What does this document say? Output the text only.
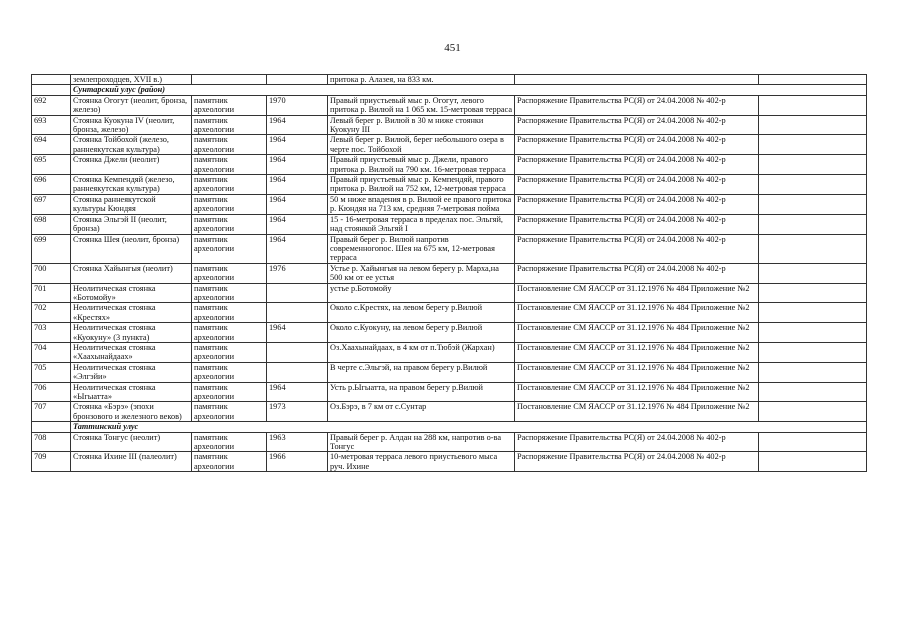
451
	землепроходцев, XVII в.)			притока р. Алазея, на 833 км.		
	Сунтарский улус (район)					
692	Стоянка Огогут (неолит, бронза, железо)	памятник археологии	1970	Правый приустьевый мыс р. Огогут, левого притока р. Вилюй на 1 065 км. 15-метровая терраса	Распоряжение Правительства РС(Я) от 24.04.2008 № 402-р	
693	Стоянка Куокуна IV (неолит, бронза, железо)	памятник археологии	1964	Левый берег р. Вилюй в 30 м ниже стоянки Куокуну III	Распоряжение Правительства РС(Я) от 24.04.2008 № 402-р	
694	Стоянка Тойбохой (железо, раннеякутская культура)	памятник археологии	1964	Левый берег р. Вилюй, берег небольшого озера в черте пос. Тойбохой	Распоряжение Правительства РС(Я) от 24.04.2008 № 402-р	
695	Стоянка Джели (неолит)	памятник археологии	1964	Правый приустьевый мыс р. Джели, правого притока р. Вилюй на 790 км. 16-метровая терраса	Распоряжение Правительства РС(Я) от 24.04.2008 № 402-р	
696	Стоянка Кемпендяй (железо, раннеякутская культура)	памятник археологии	1964	Правый приустьевый мыс р. Кемпендяй, правого притока р. Вилюй на 752 км, 12-метровая терраса	Распоряжение Правительства РС(Я) от 24.04.2008 № 402-р	
697	Стоянка раннеякутской культуры Кюндяя	памятник археологии	1964	50 м ниже впадения в р. Вилюй ее правого притока р. Кюндяя на 713 км, средняя 7-метровая пойма	Распоряжение Правительства РС(Я) от 24.04.2008 № 402-р	
698	Стоянка Эльгэй II (неолит, бронза)	памятник археологии	1964	15 - 16-метровая терраса в пределах пос. Эльгяй, над стоянкой Эльгяй I	Распоряжение Правительства РС(Я) от 24.04.2008 № 402-р	
699	Стоянка Шея (неолит, бронза)	памятник археологии	1964	Правый берег р. Вилюй напротив современногопос. Шея на 675 км, 12-метровая терраса	Распоряжение Правительства РС(Я) от 24.04.2008 № 402-р	
700	Стоянка Хайынгыя (неолит)	памятник археологии	1976	Устье р. Хайынгыя на левом берегу р. Марха,на 500 км от ее устья	Распоряжение Правительства РС(Я) от 24.04.2008 № 402-р	
701	Неолитическая стоянка «Ботомойу»	памятник археологии		устье р.Ботомойу	Постановление СМ ЯАССР от 31.12.1976 № 484 Приложение №2	
702	Неолитическая стоянка «Крестях»	памятник археологии		Около с.Крестях, на левом берегу р.Вилюй	Постановление СМ ЯАССР от 31.12.1976 № 484 Приложение №2	
703	Неолитическая стоянка «Куокуну» (3 пункта)	памятник археологии	1964	Около с.Куокуну, на левом берегу р.Вилюй	Постановление СМ ЯАССР от 31.12.1976 № 484 Приложение №2	
704	Неолитическая стоянка «Хаахынайдаах»	памятник археологии		Оз.Хаахынайдаах, в 4 км от п.Тюбэй (Жархан)	Постановление СМ ЯАССР от 31.12.1976 № 484 Приложение №2	
705	Неолитическая стоянка «Элгэйи»	памятник археологии		В черте с.Эльгэй, на правом берегу р.Вилюй	Постановление СМ ЯАССР от 31.12.1976 № 484 Приложение №2	
706	Неолитическая стоянка «Ыгыатта»	памятник археологии	1964	Усть р.Ыгыатта, на правом берегу р.Вилюй	Постановление СМ ЯАССР от 31.12.1976 № 484 Приложение №2	
707	Стоянка «Бэрэ» (эпохи бронзового и железного веков)	памятник археологии	1973	Оз.Бэрэ, в 7 км от с.Сунтар	Постановление СМ ЯАССР от 31.12.1976 № 484 Приложение №2	
	Таттинский улус					
708	Стоянка Тонгус (неолит)	памятник археологии	1963	Правый берег р. Алдан на 288 км, напротив о-ва Тонгус	Распоряжение Правительства РС(Я) от 24.04.2008 № 402-р	
709	Стоянка Ихине III (палеолит)	памятник археологии	1966	10-метровая терраса левого приустьевого мыса руч. Ихине	Распоряжение Правительства РС(Я) от 24.04.2008 № 402-р	
